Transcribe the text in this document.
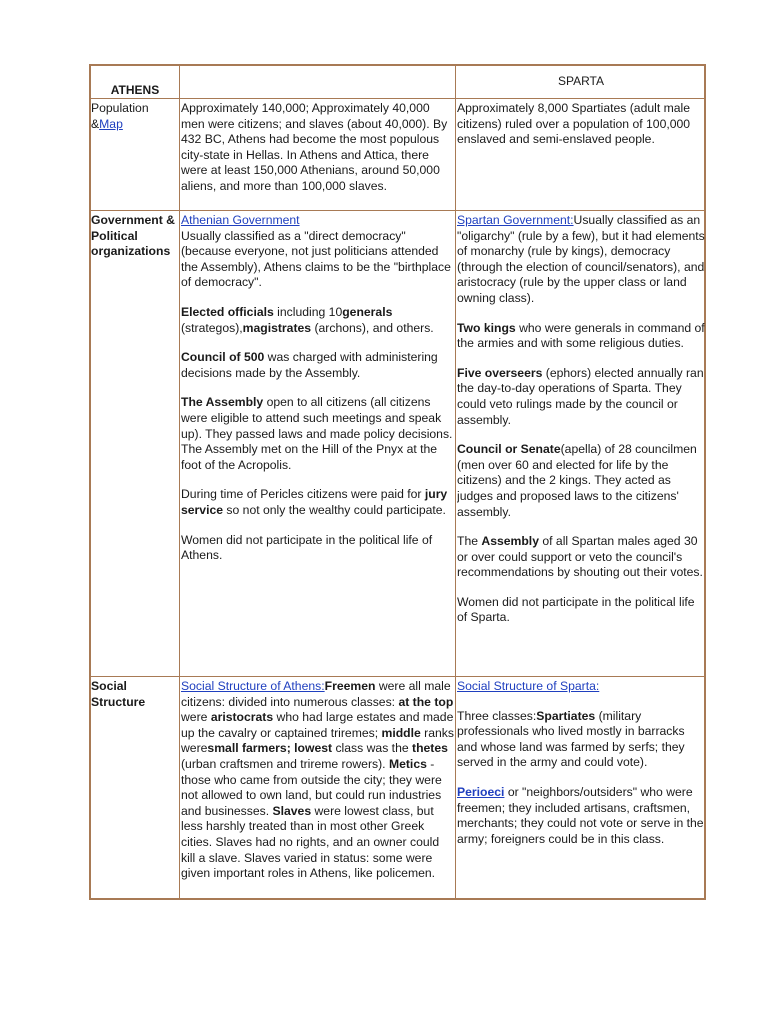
ATHENS
SPARTA
Population
&Map
Approximately 140,000; Approximately 40,000 men were citizens; and slaves (about 40,000). By 432 BC, Athens had become the most populous city-state in Hellas. In Athens and Attica, there were at least 150,000 Athenians, around 50,000 aliens, and more than 100,000 slaves.
Approximately 8,000 Spartiates (adult male citizens) ruled over a population of 100,000 enslaved and semi-enslaved people.
Government & Political organizations

Athenian Government
Usually classified as a "direct democracy" (because everyone, not just politicians attended the Assembly), Athens claims to be the "birthplace of democracy".

Elected officials including 10generals (strategos),magistrates (archons), and others.

Council of 500 was charged with administering decisions made by the Assembly.

The Assembly open to all citizens (all citizens were eligible to attend such meetings and speak up). They passed laws and made policy decisions. The Assembly met on the Hill of the Pnyx at the foot of the Acropolis.

During time of Pericles citizens were paid for jury service so not only the wealthy could participate.

Women did not participate in the political life of Athens.

Spartan Government:Usually classified as an "oligarchy" (rule by a few), but it had elements of monarchy (rule by kings), democracy (through the election of council/senators), and aristocracy (rule by the upper class or land owning class).

Two kings who were generals in command of the armies and with some religious duties.

Five overseers (ephors) elected annually ran the day-to-day operations of Sparta. They could veto rulings made by the council or assembly.

Council or Senate(apella) of 28 councilmen (men over 60 and elected for life by the citizens) and the 2 kings. They acted as judges and proposed laws to the citizens' assembly.

The Assembly of all Spartan males aged 30 or over could support or veto the council's recommendations by shouting out their votes.

Women did not participate in the political life of Sparta.

Social Structure
Social Structure of Athens:Freemen were all male citizens: divided into numerous classes: at the top were aristocrats who had large estates and made up the cavalry or captained triremes; middle ranks weresmall farmers; lowest class was the thetes (urban craftsmen and trireme rowers). Metics - those who came from outside the city; they were not allowed to own land, but could run industries and businesses. Slaves were lowest class, but less harshly treated than in most other Greek cities. Slaves had no rights, and an owner could kill a slave. Slaves varied in status: some were given important roles in Athens, like policemen.

Social Structure of Sparta:

Three classes:Spartiates (military professionals who lived mostly in barracks and whose land was farmed by serfs; they served in the army and could vote).

Perioeci or "neighbors/outsiders" who were freemen; they included artisans, craftsmen, merchants; they could not vote or serve in the army; foreigners could be in this class.
